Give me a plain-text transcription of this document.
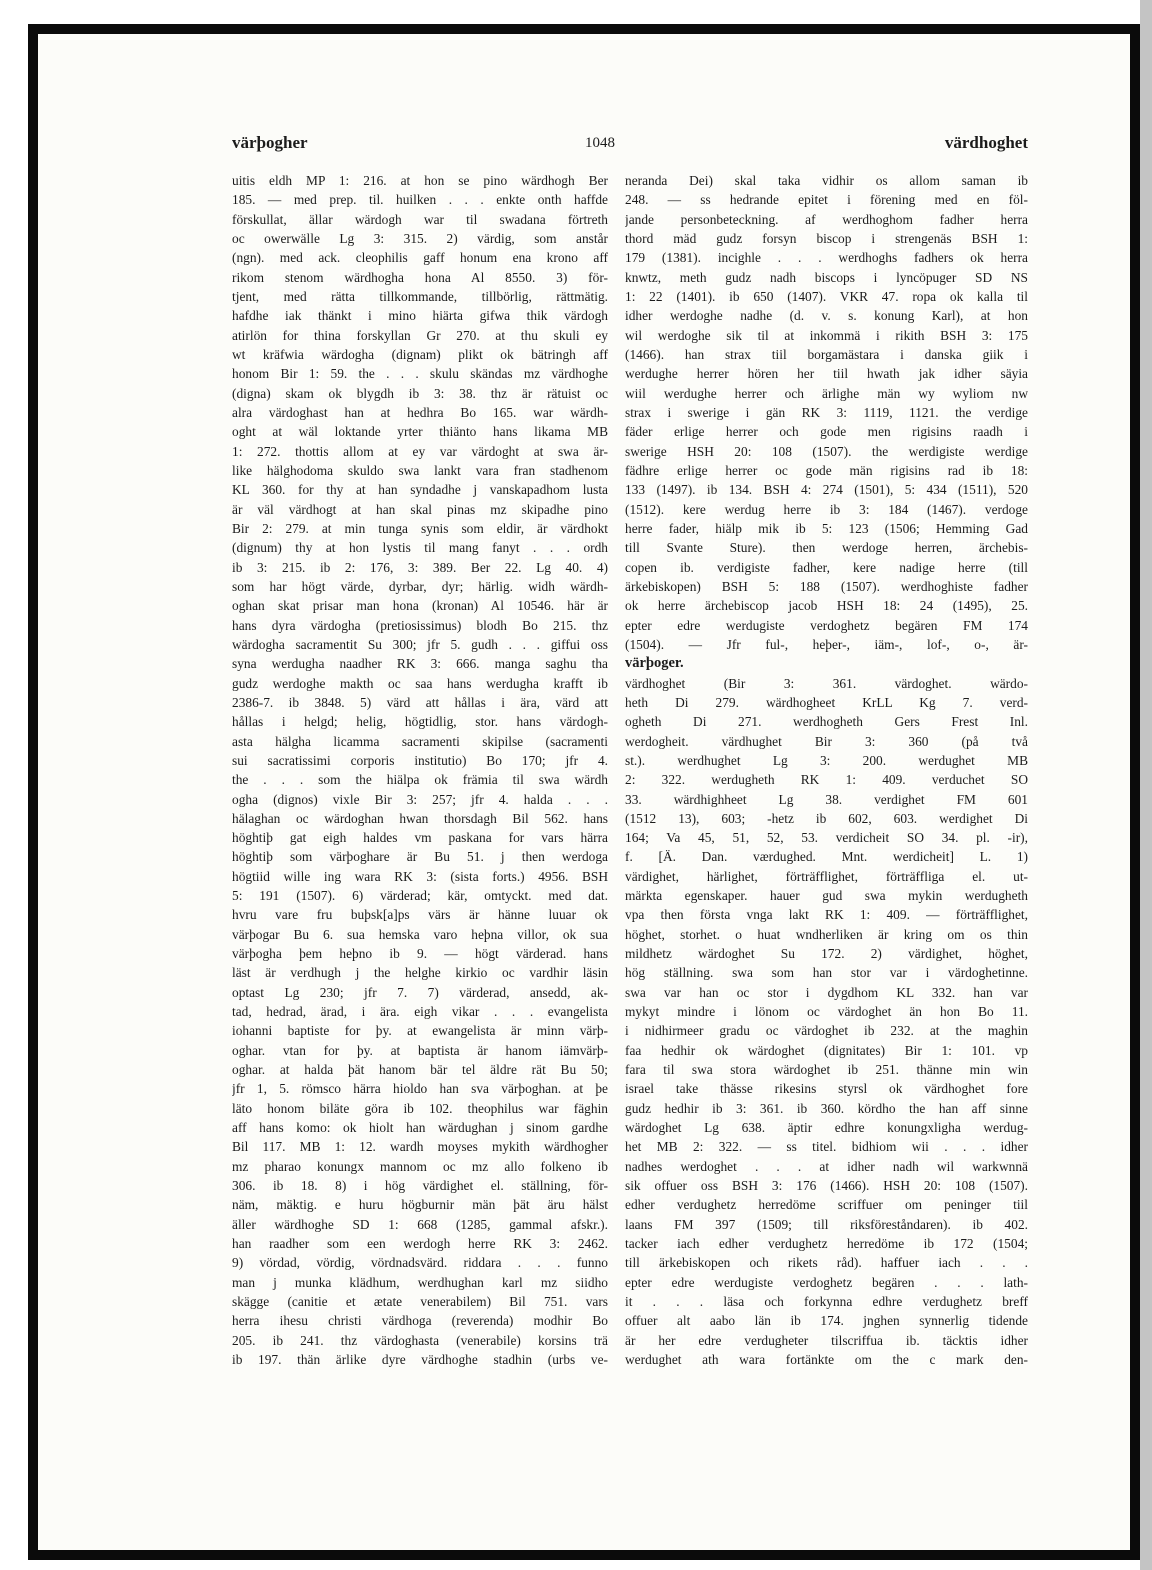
värþogher	1048	värdhoghet
uitis eldh MP 1: 216. at hon se pino wärdhogh Ber
185. — med prep. til. huilken . . . enkte onth haffde
förskullat, ällar wärdogh war til swadana förtreth
oc owerwälle Lg 3: 315. 2) värdig, som anstår
(ngn). med ack. cleophilis gaff honum ena krono aff
rikom stenom wärdhogha hona Al 8550. 3) för-
tjent, med rätta tillkommande, tillbörlig, rättmätig.
hafdhe iak thänkt i mino hiärta gifwa thik värdogh
atirlön for thina forskyllan Gr 270. at thu skuli ey
wt kräfwia wärdogha (dignam) plikt ok bätringh aff
honom Bir 1: 59. the . . . skulu skändas mz värdhoghe
(digna) skam ok blygdh ib 3: 38. thz är rätuist oc
alra värdoghast han at hedhra Bo 165. war wärdh-
oght at wäl loktande yrter thiänto hans likama MB
1: 272. thottis allom at ey var värdoght at swa är-
like hälghodoma skuldo swa lankt vara fran stadhenom
KL 360. for thy at han syndadhe j vanskapadhom lusta
är väl värdhogt at han skal pinas mz skipadhe pino
Bir 2: 279. at min tunga synis som eldir, är värdhokt
(dignum) thy at hon lystis til mang fanyt . . . ordh
ib 3: 215. ib 2: 176, 3: 389. Ber 22. Lg 40. 4)
som har högt värde, dyrbar, dyr; härlig. widh wärdh-
oghan skat prisar man hona (kronan) Al 10546. här är
hans dyra värdogha (pretiosissimus) blodh Bo 215. thz
wärdogha sacramentit Su 300; jfr 5. gudh . . . giffui oss
syna werdugha naadher RK 3: 666. manga saghu tha
gudz werdoghe makth oc saa hans werdugha krafft ib
2386-7. ib 3848. 5) värd att hållas i ära, värd att
hållas i helgd; helig, högtidlig, stor. hans värdogh-
asta hälgha licamma sacramenti skipilse (sacramenti
sui sacratissimi corporis institutio) Bo 170; jfr 4.
the . . . som the hiälpa ok främia til swa wärdh
ogha (dignos) vixle Bir 3: 257; jfr 4. halda . . .
hälaghan oc wärdoghan hwan thorsdagh Bil 562. hans
höghtiþ gat eigh haldes vm paskana for vars härra
höghtiþ som värþoghare är Bu 51. j then werdoga
högtiid wille ing wara RK 3: (sista forts.) 4956. BSH
5: 191 (1507). 6) värderad; kär, omtyckt. med dat.
hvru vare fru buþsk[a]ps värs är hänne luuar ok
värþogar Bu 6. sua hemska varo heþna villor, ok sua
värþogha þem heþno ib 9. — högt värderad. hans
läst är verdhugh j the helghe kirkio oc vardhir läsin
optast Lg 230; jfr 7. 7) värderad, ansedd, ak-
tad, hedrad, ärad, i ära. eigh vikar . . . evangelista
iohanni baptiste for þy. at ewangelista är minn värþ-
oghar. vtan for þy. at baptista är hanom iämvärþ-
oghar. at halda þät hanom bär tel äldre rät Bu 50;
jfr 1, 5. römsco härra hioldo han sva värþoghan. at þe
läto honom biläte göra ib 102. theophilus war fäghin
aff hans komo: ok hiolt han wärdughan j sinom gardhe
Bil 117. MB 1: 12. wardh moyses mykith wärdhogher
mz pharao konungx mannom oc mz allo folkeno ib
306. ib 18. 8) i hög värdighet el. ställning, för-
näm, mäktig. e huru högburnir män þät äru hälst
äller wärdhoghe SD 1: 668 (1285, gammal afskr.).
han raadher som een werdogh herre RK 3: 2462.
9) vördad, vördig, vördnadsvärd. riddara . . . funno
man j munka klädhum, werdhughan karl mz siidho
skägge (canitie et ætate venerabilem) Bil 751. vars
herra ihesu christi värdhoga (reverenda) modhir Bo
205. ib 241. thz värdoghasta (venerabile) korsins trä
ib 197. thän ärlike dyre värdhoghe stadhin (urbs ve-
neranda Dei) skal taka vidhir os allom saman ib
248. — ss hedrande epitet i förening med en föl-
jande personbeteckning. af werdhoghom fadher herra
thord mäd gudz forsyn biscop i strengenäs BSH 1:
179 (1381). incighle . . . werdhoghs fadhers ok herra
knwtz, meth gudz nadh biscops i lyncöpuger SD NS
1: 22 (1401). ib 650 (1407). VKR 47. ropa ok kalla til
idher werdoghe nadhe (d. v. s. konung Karl), at hon
wil werdoghe sik til at inkommä i rikith BSH 3: 175
(1466). han strax tiil borgamästara i danska giik i
werdughe herrer hören her tiil hwath jak idher säyia
wiil werdughe herrer och ärlighe män wy wyliom nw
strax i swerige i gän RK 3: 1119, 1121. the verdige
fäder erlige herrer och gode men rigisins raadh i
swerige HSH 20: 108 (1507). the werdigiste werdige
fädhre erlige herrer oc gode män rigisins rad ib 18:
133 (1497). ib 134. BSH 4: 274 (1501), 5: 434 (1511), 520
(1512). kere werdug herre ib 3: 184 (1467). verdoge
herre fader, hiälp mik ib 5: 123 (1506; Hemming Gad
till Svante Sture). then werdoge herren, ärchebis-
copen ib. verdigiste fadher, kere nadige herre (till
ärkebiskopen) BSH 5: 188 (1507). werdhoghiste fadher
ok herre ärchebiscop jacob HSH 18: 24 (1495), 25.
epter edre werdugiste verdoghetz begären FM 174
(1504). — Jfr ful-, heþer-, iäm-, lof-, o-, är-
värþoger.
värdhoghet (Bir 3: 361. värdoghet. wärdo-
heth Di 279. wärdhogheet KrLL Kg 7. verd-
ogheth Di 271. werdhogheth Gers Frest Inl.
werdogheit. värdhughet Bir 3: 360 (på två
st.). werdhughet Lg 3: 200. werdughet MB
2: 322. werdugheth RK 1: 409. verduchet SO
33. wärdhighheet Lg 38. verdighet FM 601
(1512 13), 603; -hetz ib 602, 603. werdighet Di
164; Va 45, 51, 52, 53. verdicheit SO 34. pl. -ir),
f. [Ä. Dan. værdughed. Mnt. werdicheit] L. 1)
värdighet, härlighet, förträfflighet, förträffliga el. ut-
märkta egenskaper. hauer gud swa mykin werdugheth
vpa then första vnga lakt RK 1: 409. — förträfflighet,
höghet, storhet. o huat wndherliken är kring om os thin
mildhetz wärdoghet Su 172. 2) värdighet, höghet,
hög ställning. swa som han stor var i värdoghetinne.
swa var han oc stor i dygdhom KL 332. han var
mykyt mindre i lönom oc värdoghet än hon Bo 11.
i nidhirmeer gradu oc värdoghet ib 232. at the maghin
faa hedhir ok wärdoghet (dignitates) Bir 1: 101. vp
fara til swa stora wärdoghet ib 251. thänne min win
israel take thässe rikesins styrsl ok värdhoghet fore
gudz hedhir ib 3: 361. ib 360. kördho the han aff sinne
wärdoghet Lg 638. äptir edhre konungxligha werdug-
het MB 2: 322. — ss titel. bidhiom wii . . . idher
nadhes werdoghet . . . at idher nadh wil warkwnnä
sik offuer oss BSH 3: 176 (1466). HSH 20: 108 (1507).
edher verdughetz herredöme scriffuer om peninger tiil
laans FM 397 (1509; till riksföreståndaren). ib 402.
tacker iach edher verdughetz herredöme ib 172 (1504;
till ärkebiskopen och rikets råd). haffuer iach . . .
epter edre werdugiste verdoghetz begären . . . lath-
it . . . läsa och forkynna edhre verdughetz breff
offuer alt aabo län ib 174. jnghen synnerlig tidende
är her edre verdugheter tilscriffua ib. täcktis idher
werdughet ath wara fortänkte om the c mark den-
